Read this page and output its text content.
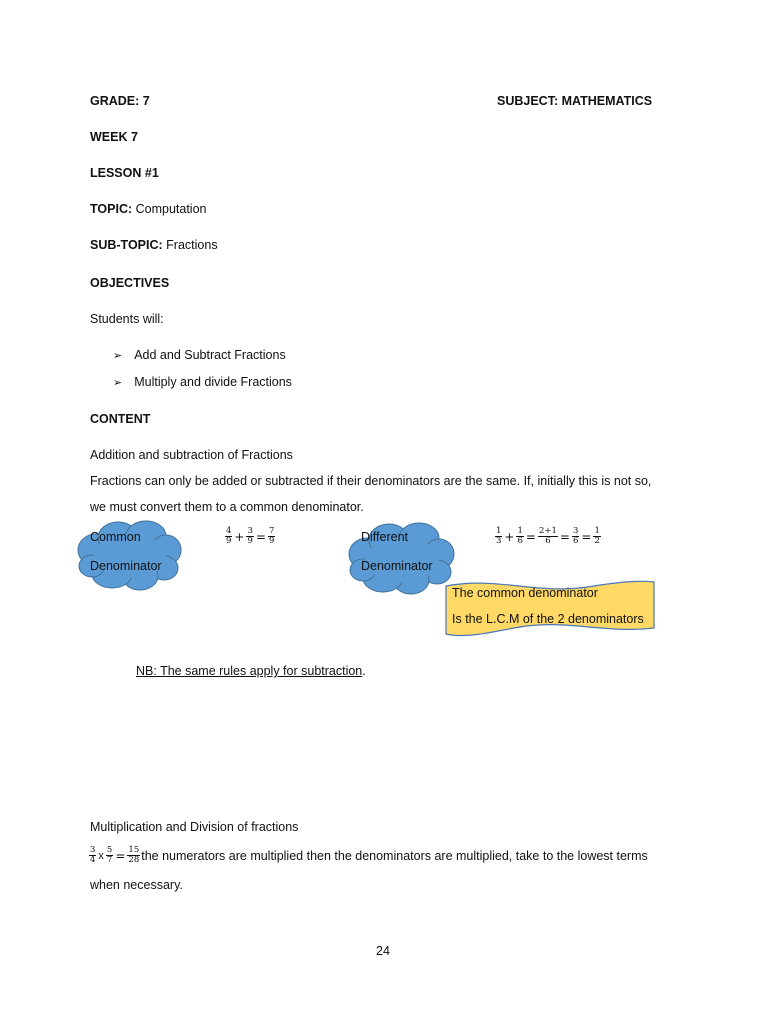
GRADE: 7	SUBJECT: MATHEMATICS
WEEK 7
LESSON #1
TOPIC: Computation
SUB-TOPIC: Fractions
OBJECTIVES
Students will:
➢ Add and Subtract Fractions
➢ Multiply and divide Fractions
CONTENT
Addition and subtraction of Fractions
Fractions can only be added or subtracted if their denominators are the same. If, initially this is not so,
we must convert them to a common denominator.
Common
Denominator
$\frac{4}{9} + \frac{3}{9} = \frac{7}{9}$	Different
Denominator
$\frac{1}{3} + \frac{1}{6} = \frac{2+1}{6} = \frac{3}{6} = \frac{1}{2}$
The common denominator
Is the L.C.M of the 2 denominators
NB: The same rules apply for subtraction.
Multiplication and Division of fractions
$\frac{3}{4}$ x $\frac{5}{7} = \frac{15}{28}$ the numerators are multiplied then the denominators are multiplied, take to the lowest terms
when necessary.
24
